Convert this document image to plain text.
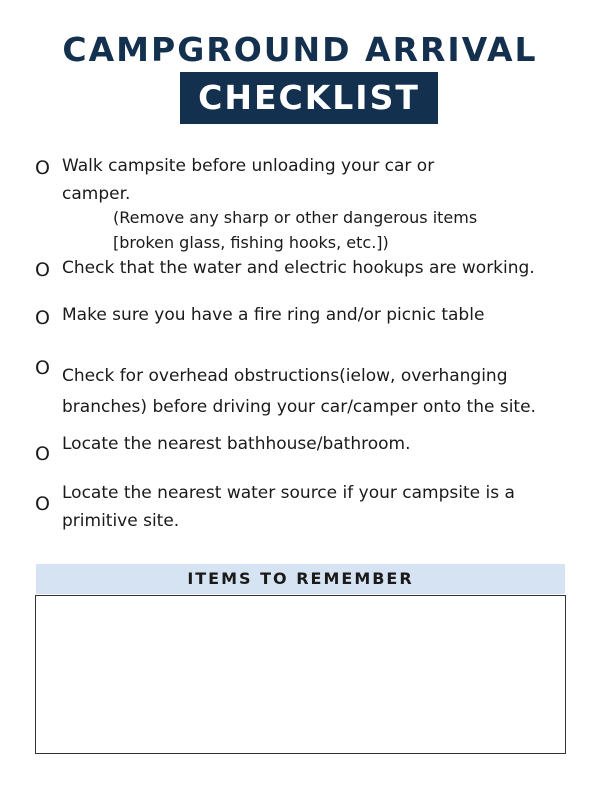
CAMPGROUND ARRIVAL
CHECKLIST
O Walk campsite before unloading your car or camper.
(Remove any sharp or other dangerous items [broken glass, fishing hooks, etc.])
O Check that the water and electric hookups are working.
O Make sure you have a fire ring and/or picnic table
O Check for overhead obstructions(ielow, overhanging branches) before driving your car/camper onto the site.
O Locate the nearest bathhouse/bathroom.
O Locate the nearest water source if your campsite is a primitive site.
ITEMS TO REMEMBER
